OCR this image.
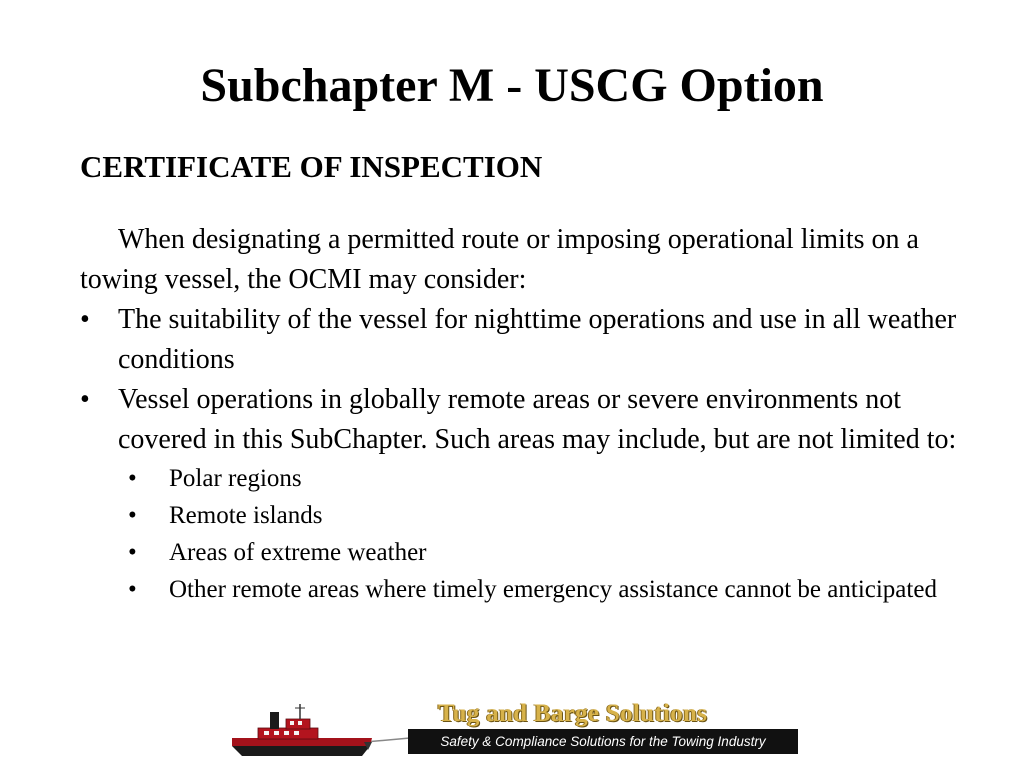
Subchapter M - USCG Option
CERTIFICATE OF INSPECTION

When designating a permitted route or imposing operational limits on a towing vessel, the OCMI may consider:

•	The suitability of the vessel for nighttime operations and use in all weather conditions
•	Vessel operations in globally remote areas or severe environments not covered in this SubChapter. Such areas may include, but are not limited to:
• Polar regions
• Remote islands
• Areas of extreme weather
• Other remote areas where timely emergency assistance cannot be anticipated
Tug and Barge Solutions
Safety & Compliance Solutions for the Towing Industry
